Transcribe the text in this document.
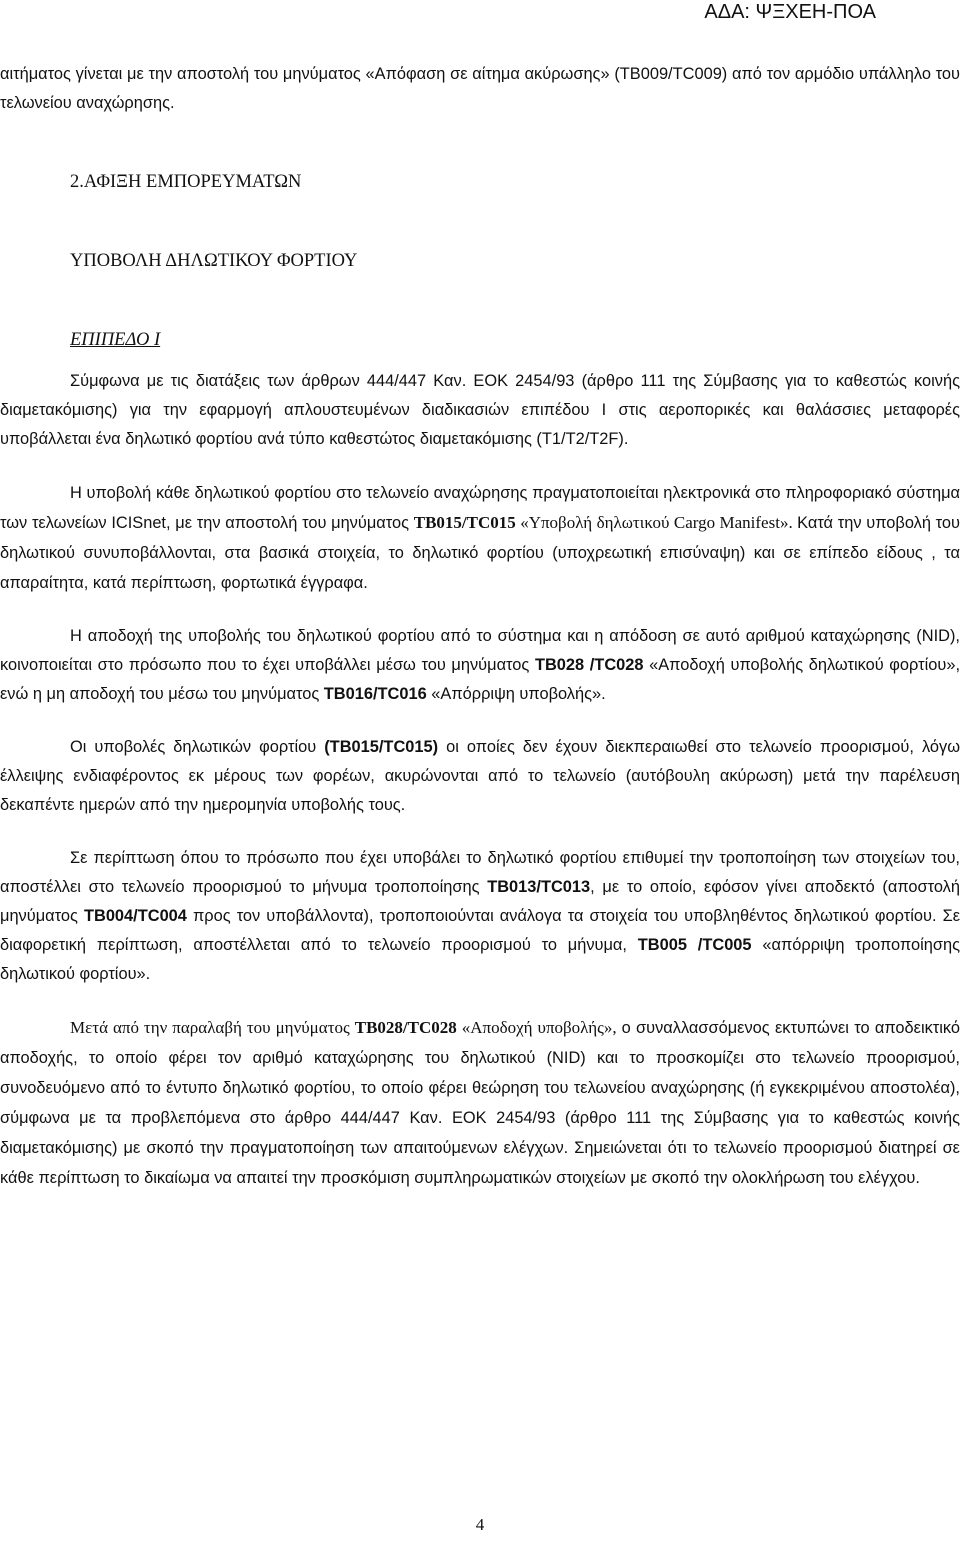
ΑΔΑ: ΨΞΧΕΗ-ΠΟΑ

αιτήματος γίνεται με την αποστολή του μηνύματος «Απόφαση σε αίτημα ακύρωσης» (ΤΒ009/TC009) από τον αρμόδιο υπάλληλο του τελωνείου αναχώρησης.

2.ΑΦΙΞΗ ΕΜΠΟΡΕΥΜΑΤΩΝ

ΥΠΟΒΟΛΗ ΔΗΛΩΤΙΚΟΥ ΦΟΡΤΙΟΥ

ΕΠΙΠΕΔΟ Ι

Σύμφωνα με τις διατάξεις των άρθρων 444/447 Καν. ΕΟΚ 2454/93 (άρθρο 111 της Σύμβασης για το καθεστώς κοινής διαμετακόμισης) για την εφαρμογή απλουστευμένων διαδικασιών επιπέδου Ι στις αεροπορικές και θαλάσσιες μεταφορές υποβάλλεται ένα δηλωτικό φορτίου ανά τύπο καθεστώτος διαμετακόμισης (Τ1/Τ2/Τ2F).

Η υποβολή κάθε δηλωτικού φορτίου στο τελωνείο αναχώρησης πραγματοποιείται ηλεκτρονικά στο πληροφοριακό σύστημα των τελωνείων ICISnet, με την αποστολή του μηνύματος TB015/TC015 «Υποβολή δηλωτικού Cargo Manifest». Κατά την υποβολή του δηλωτικού συνυποβάλλονται, στα βασικά στοιχεία, το δηλωτικό φορτίου (υποχρεωτική επισύναψη) και σε επίπεδο είδους , τα απαραίτητα, κατά περίπτωση, φορτωτικά έγγραφα.

Η αποδοχή της υποβολής του δηλωτικού φορτίου από το σύστημα και η απόδοση σε αυτό αριθμού καταχώρησης (NID), κοινοποιείται στο πρόσωπο που το έχει υποβάλλει μέσω του μηνύματος TB028 /TC028 «Αποδοχή υποβολής δηλωτικού φορτίου», ενώ η μη αποδοχή του μέσω του μηνύματος TB016/TC016 «Απόρριψη υποβολής».

Οι υποβολές δηλωτικών φορτίου (TB015/TC015) οι οποίες δεν έχουν διεκπεραιωθεί στο τελωνείο προορισμού, λόγω έλλειψης ενδιαφέροντος εκ μέρους των φορέων, ακυρώνονται από το τελωνείο (αυτόβουλη ακύρωση) μετά την παρέλευση δεκαπέντε ημερών από την ημερομηνία υποβολής τους.

Σε περίπτωση όπου το πρόσωπο που έχει υποβάλει το δηλωτικό φορτίου επιθυμεί την τροποποίηση των στοιχείων του, αποστέλλει στο τελωνείο προορισμού το μήνυμα τροποποίησης TB013/TC013, με το οποίο, εφόσον γίνει αποδεκτό (αποστολή μηνύματος TB004/TC004 προς τον υποβάλλοντα), τροποποιούνται ανάλογα τα στοιχεία του υποβληθέντος δηλωτικού φορτίου. Σε διαφορετική περίπτωση, αποστέλλεται από το τελωνείο προορισμού το μήνυμα, TB005 /TC005 «απόρριψη τροποποίησης δηλωτικού φορτίου».

Μετά από την παραλαβή του μηνύματος TB028/TC028 «Αποδοχή υποβολής», ο συναλλασσόμενος εκτυπώνει το αποδεικτικό αποδοχής, το οποίο φέρει τον αριθμό καταχώρησης του δηλωτικού (NID) και το προσκομίζει στο τελωνείο προορισμού, συνοδευόμενο από το έντυπο δηλωτικό φορτίου, το οποίο φέρει θεώρηση του τελωνείου αναχώρησης (ή εγκεκριμένου αποστολέα), σύμφωνα με τα προβλεπόμενα στο άρθρο 444/447 Καν. ΕΟΚ 2454/93 (άρθρο 111 της Σύμβασης για το καθεστώς κοινής διαμετακόμισης) με σκοπό την πραγματοποίηση των απαιτούμενων ελέγχων. Σημειώνεται ότι το τελωνείο προορισμού διατηρεί σε κάθε περίπτωση το δικαίωμα να απαιτεί την προσκόμιση συμπληρωματικών στοιχείων με σκοπό την ολοκλήρωση του ελέγχου.

4
